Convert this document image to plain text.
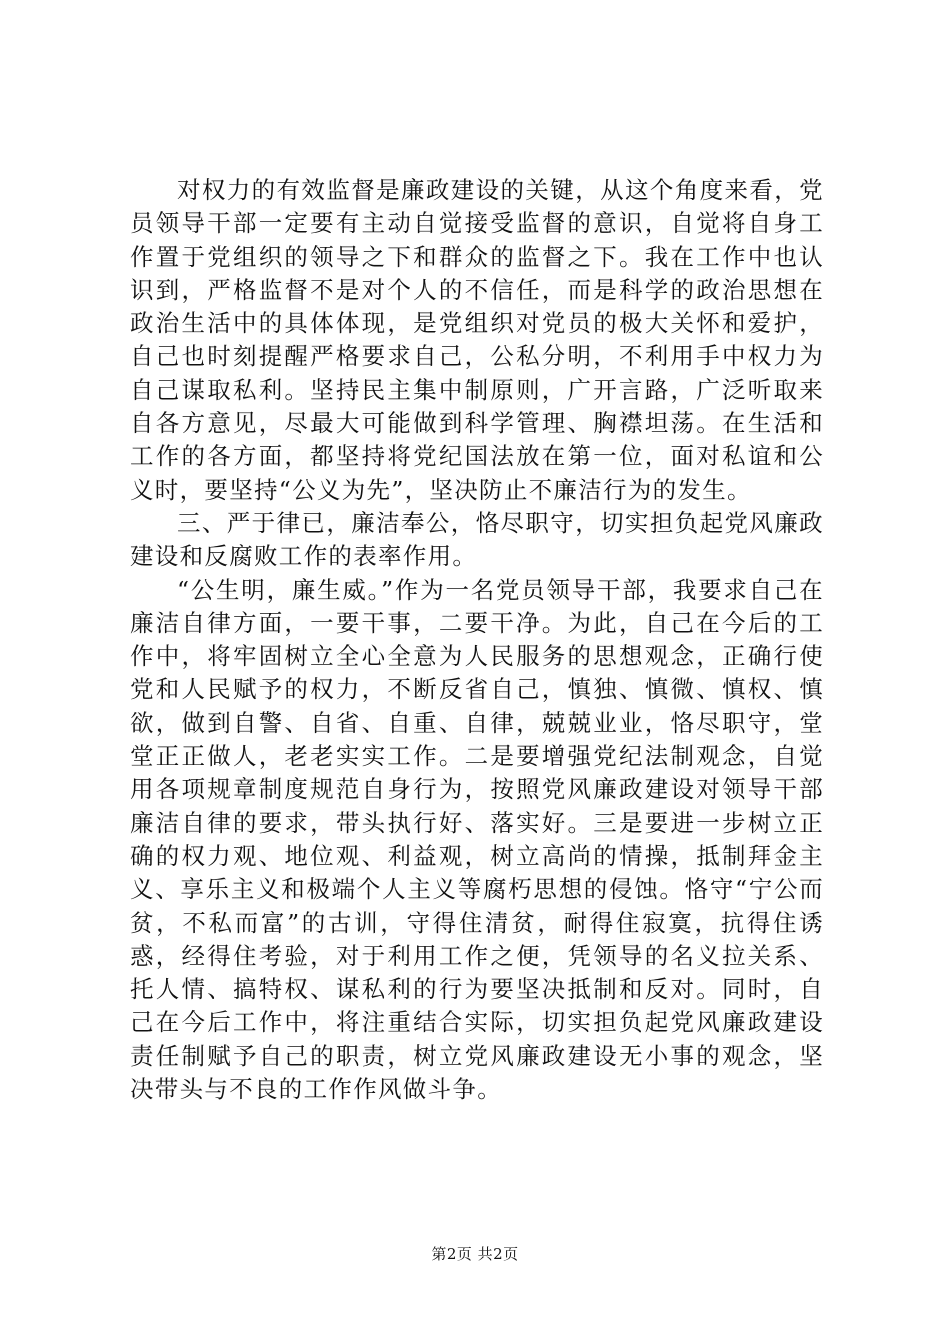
对权力的有效监督是廉政建设的关键，从这个角度来看，党员领导干部一定要有主动自觉接受监督的意识，自觉将自身工作置于党组织的领导之下和群众的监督之下。我在工作中也认识到，严格监督不是对个人的不信任，而是科学的政治思想在政治生活中的具体体现，是党组织对党员的极大关怀和爱护，自己也时刻提醒严格要求自己，公私分明，不利用手中权力为自己谋取私利。坚持民主集中制原则，广开言路，广泛听取来自各方意见，尽最大可能做到科学管理、胸襟坦荡。在生活和工作的各方面，都坚持将党纪国法放在第一位，面对私谊和公义时，要坚持“公义为先”，坚决防止不廉洁行为的发生。

三、严于律已，廉洁奉公，恪尽职守，切实担负起党风廉政建设和反腐败工作的表率作用。

“公生明，廉生威。”作为一名党员领导干部，我要求自己在廉洁自律方面，一要干事，二要干净。为此，自己在今后的工作中，将牢固树立全心全意为人民服务的思想观念，正确行使党和人民赋予的权力，不断反省自己，慎独、慎微、慎权、慎欲，做到自警、自省、自重、自律，兢兢业业，恪尽职守，堂堂正正做人，老老实实工作。二是要增强党纪法制观念，自觉用各项规章制度规范自身行为，按照党风廉政建设对领导干部廉洁自律的要求，带头执行好、落实好。三是要进一步树立正确的权力观、地位观、利益观，树立高尚的情操，抵制拜金主义、享乐主义和极端个人主义等腐朽思想的侵蚀。恪守“宁公而贫，不私而富”的古训，守得住清贫，耐得住寂寞，抗得住诱惑，经得住考验，对于利用工作之便，凭领导的名义拉关系、托人情、搞特权、谋私利的行为要坚决抵制和反对。同时，自己在今后工作中，将注重结合实际，切实担负起党风廉政建设责任制赋予自己的职责，树立党风廉政建设无小事的观念，坚决带头与不良的工作作风做斗争。

第2页 共2页
